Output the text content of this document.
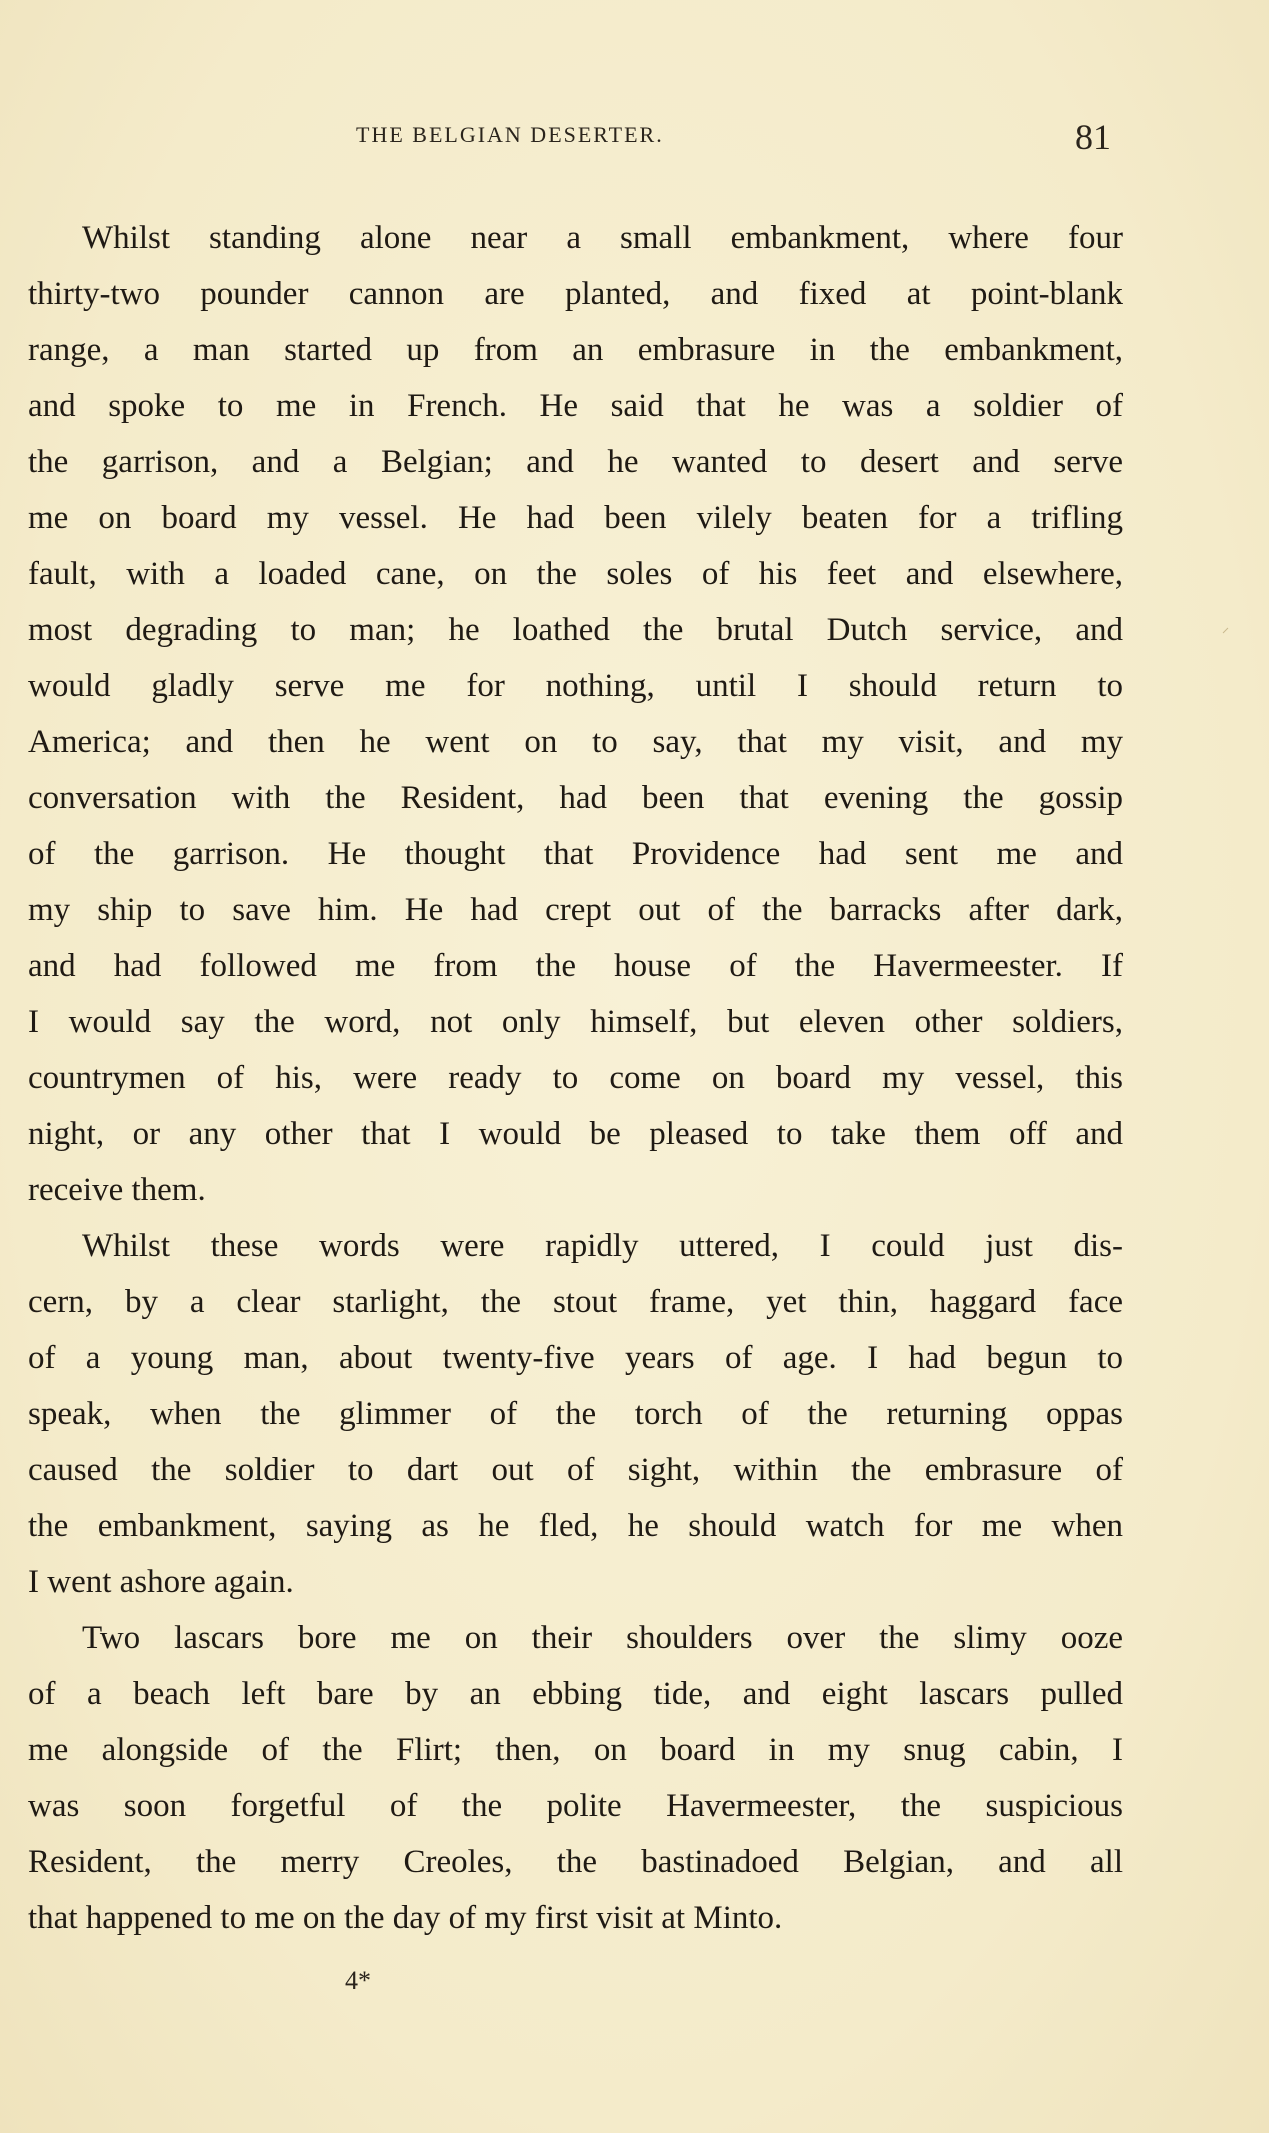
THE BELGIAN DESERTER.	81
Whilst standing alone near a small embankment, where four
thirty-two pounder cannon are planted, and fixed at point-blank
range, a man started up from an embrasure in the embankment,
and spoke to me in French. He said that he was a soldier of
the garrison, and a Belgian; and he wanted to desert and serve
me on board my vessel. He had been vilely beaten for a trifling
fault, with a loaded cane, on the soles of his feet and elsewhere,
most degrading to man; he loathed the brutal Dutch service, and
would gladly serve me for nothing, until I should return to
America; and then he went on to say, that my visit, and my
conversation with the Resident, had been that evening the gossip
of the garrison. He thought that Providence had sent me and
my ship to save him. He had crept out of the barracks after dark,
and had followed me from the house of the Havermeester. If
I would say the word, not only himself, but eleven other soldiers,
countrymen of his, were ready to come on board my vessel, this
night, or any other that I would be pleased to take them off and
receive them.
Whilst these words were rapidly uttered, I could just dis-
cern, by a clear starlight, the stout frame, yet thin, haggard face
of a young man, about twenty-five years of age. I had begun to
speak, when the glimmer of the torch of the returning oppas
caused the soldier to dart out of sight, within the embrasure of
the embankment, saying as he fled, he should watch for me when
I went ashore again.
Two lascars bore me on their shoulders over the slimy ooze
of a beach left bare by an ebbing tide, and eight lascars pulled
me alongside of the Flirt; then, on board in my snug cabin, I
was soon forgetful of the polite Havermeester, the suspicious
Resident, the merry Creoles, the bastinadoed Belgian, and all
that happened to me on the day of my first visit at Minto.
4*
